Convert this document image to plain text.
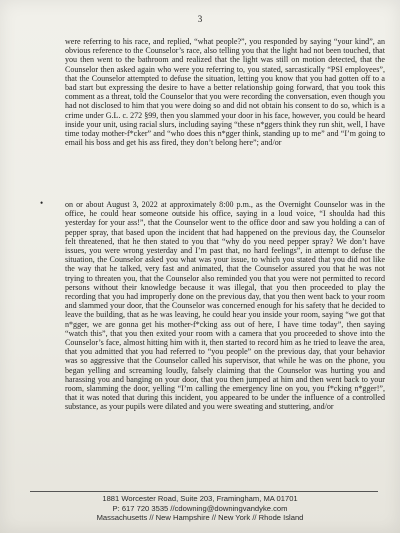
3

were referring to his race, and replied, “what people?”, you responded by saying “your kind”, an obvious reference to the Counselor’s race, also telling you that the light had not been touched, that you then went to the bathroom and realized that the light was still on motion detected, that the Counselor then asked again who were you referring to, you stated, sarcastically “PSI employees”, that the Counselor attempted to defuse the situation, letting you know that you had gotten off to a bad start but expressing the desire to have a better relationship going forward, that you took this comment as a threat, told the Counselor that you were recording the conversation, even though you had not disclosed to him that you were doing so and did not obtain his consent to do so, which is a crime under G.L. c. 272 §99, then you slammed your door in his face, however, you could be heard inside your unit, using racial slurs, including saying “these n*ggers think they run shit, well, I have time today mother-f*cker” and “who does this n*gger think, standing up to me” and “I’m going to email his boss and get his ass fired, they don’t belong here”; and/or

•	on or about August 3, 2022 at approximately 8:00 p.m., as the Overnight Counselor was in the office, he could hear someone outside his office, saying in a loud voice, “I shoulda had this yesterday for your ass!”, that the Counselor went to the office door and saw you holding a can of pepper spray, that based upon the incident that had happened on the previous day, the Counselor felt threatened, that he then stated to you that “why do you need pepper spray? We don’t have issues, you were wrong yesterday and I’m past that, no hard feelings”, in attempt to defuse the situation, the Counselor asked you what was your issue, to which you stated that you did not like the way that he talked, very fast and animated, that the Counselor assured you that he was not trying to threaten you, that the Counselor also reminded you that you were not permitted to record persons without their knowledge because it was illegal, that you then proceeded to play the recording that you had improperly done on the previous day, that you then went back to your room and slammed your door, that the Counselor was concerned enough for his safety that he decided to leave the building, that as he was leaving, he could hear you inside your room, saying “we got that n*gger, we are gonna get his mother-f*cking ass out of here, I have time today”, then saying “watch this”, that you then exited your room with a camera that you proceeded to shove into the Counselor’s face, almost hitting him with it, then started to record him as he tried to leave the area, that you admitted that you had referred to “you people” on the previous day, that your behavior was so aggressive that the Counselor called his supervisor, that while he was on the phone, you began yelling and screaming loudly, falsely claiming that the Counselor was hurting you and harassing you and banging on your door, that you then jumped at him and then went back to your room, slamming the door, yelling “I’m calling the emergency line on you, you f*cking n*gger!”, that it was noted that during this incident, you appeared to be under the influence of a controlled substance, as your pupils were dilated and you were sweating and stuttering, and/or

1881 Worcester Road, Suite 203, Framingham, MA 01701
P: 617 720 3535 //cdowning@downingvandyke.com
Massachusetts // New Hampshire // New York // Rhode Island
